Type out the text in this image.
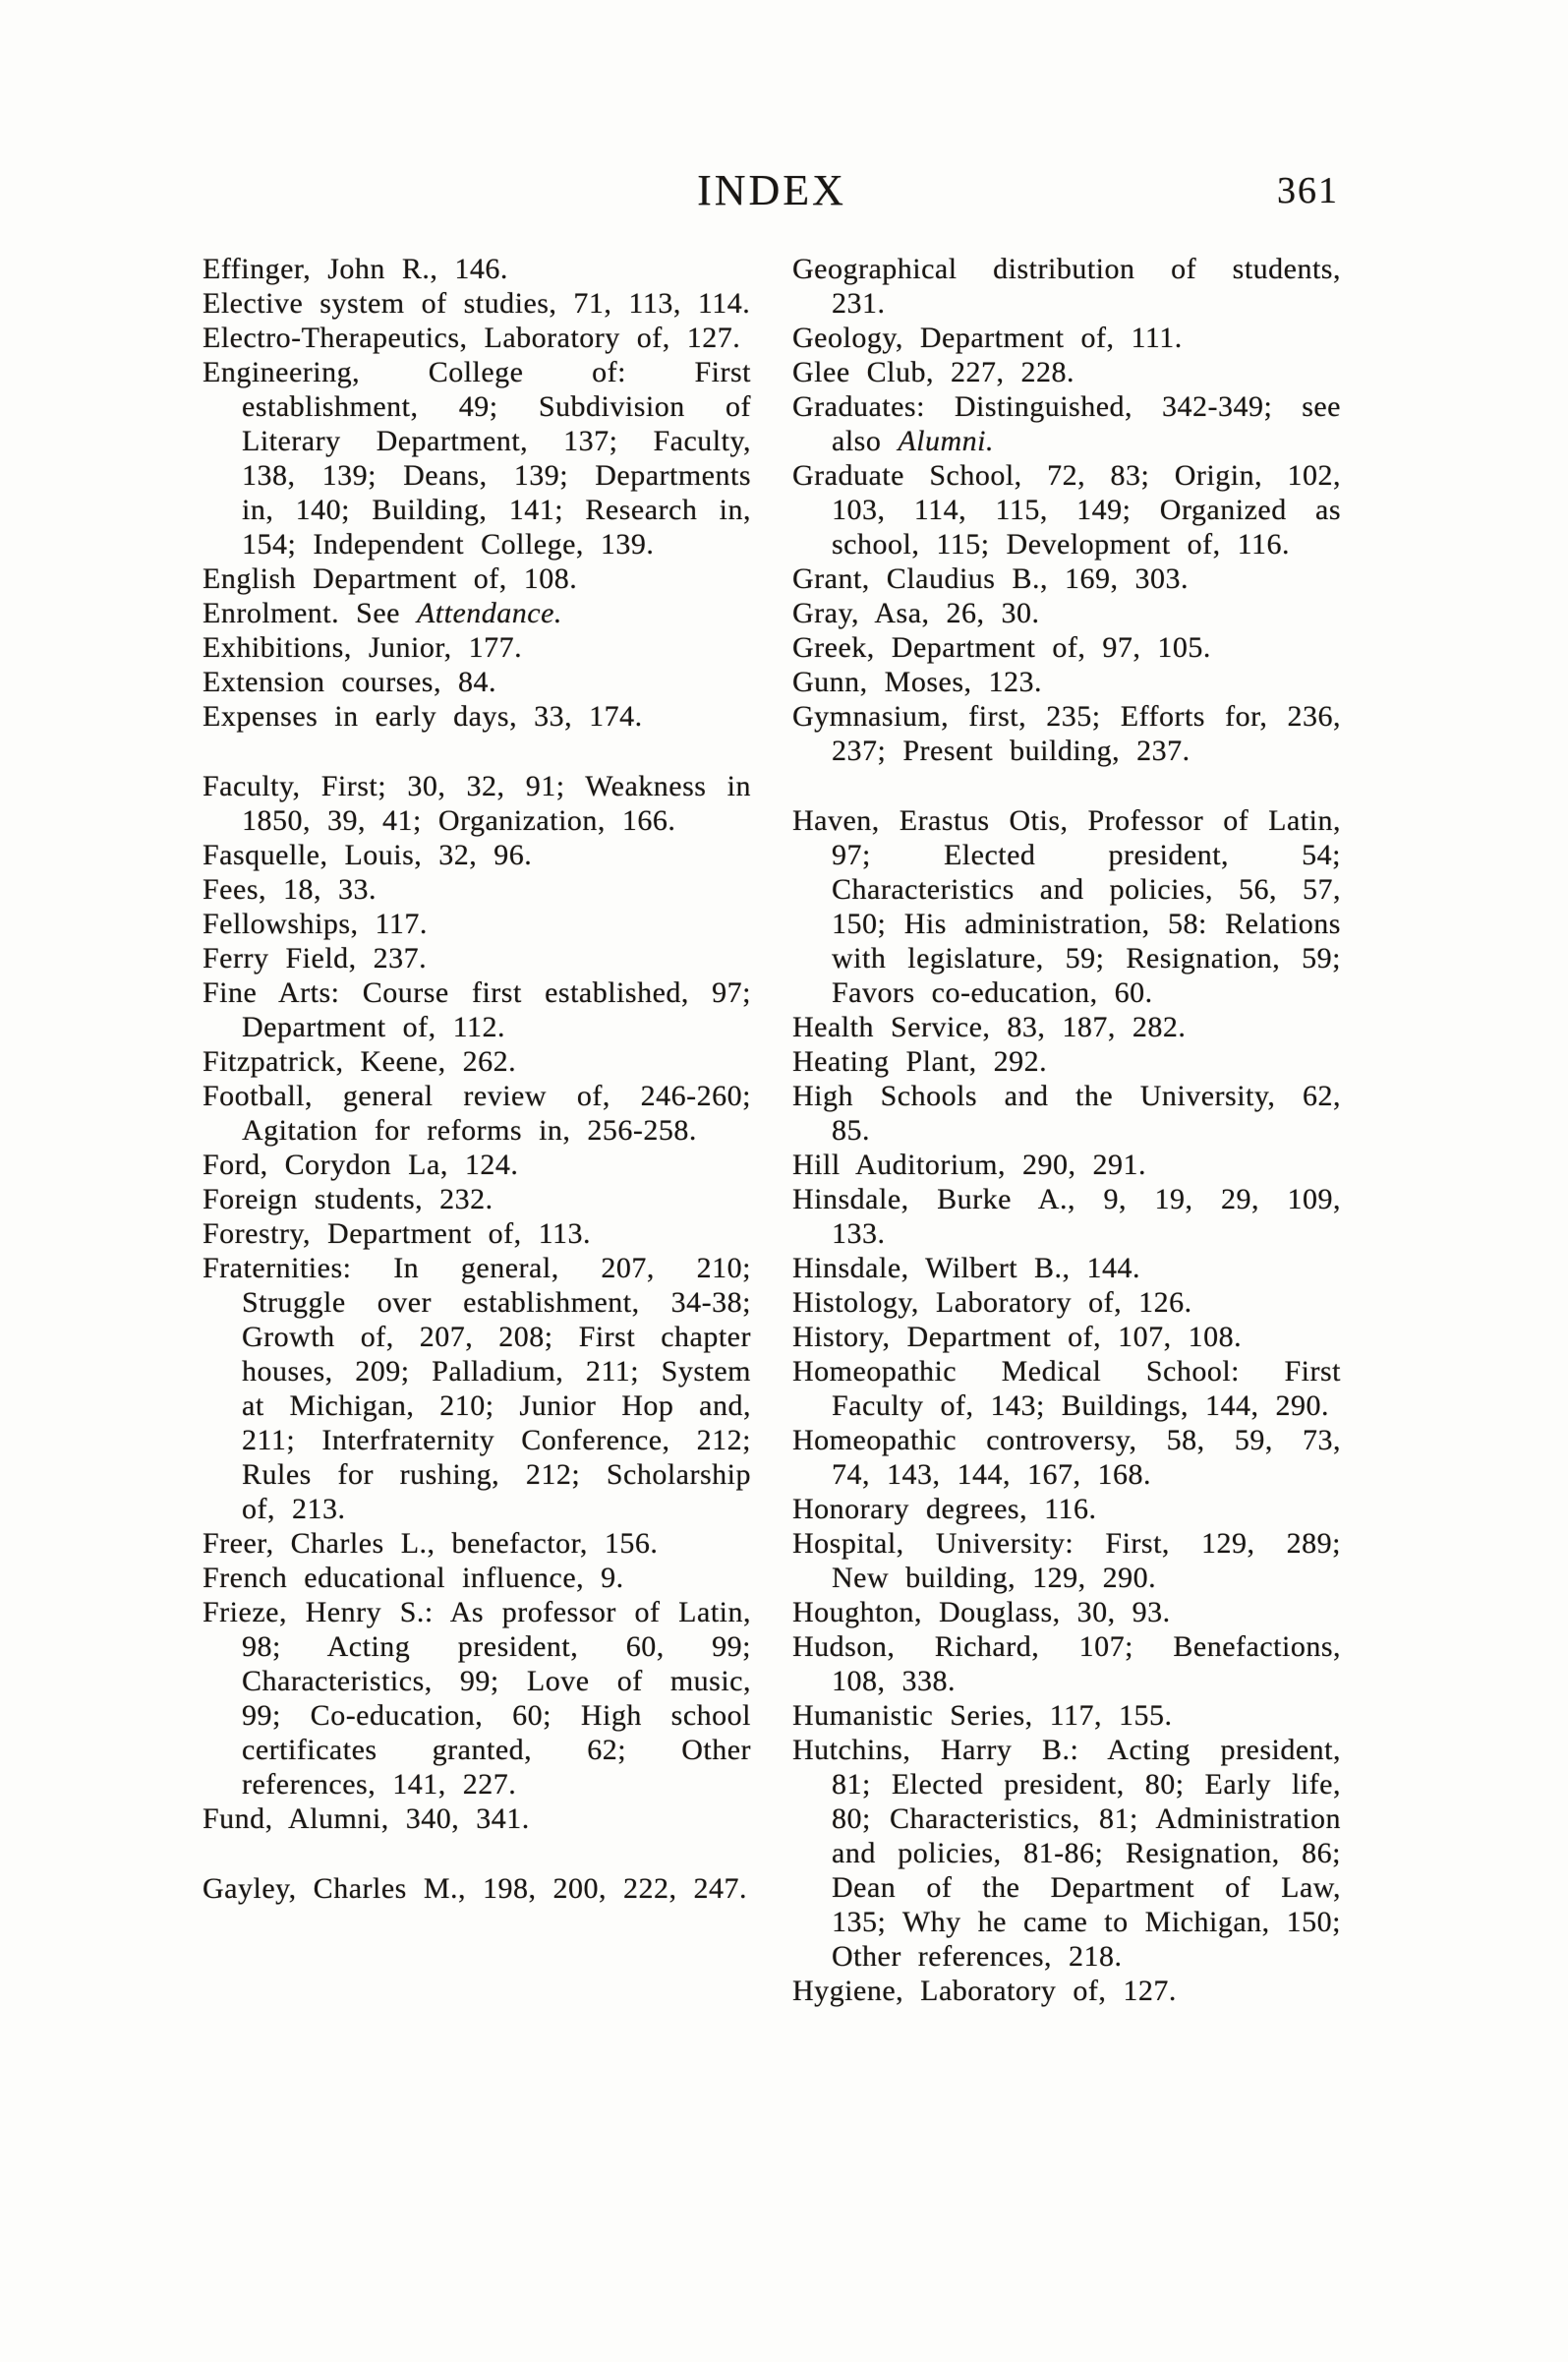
INDEX	361
Effinger, John R., 146.
Elective system of studies, 71, 113, 114.
Electro-Therapeutics, Laboratory of, 127.
Engineering, College of: First establishment, 49; Subdivision of Literary Department, 137; Faculty, 138, 139; Deans, 139; Departments in, 140; Building, 141; Research in, 154; Independent College, 139.
English Department of, 108.
Enrolment. See Attendance.
Exhibitions, Junior, 177.
Extension courses, 84.
Expenses in early days, 33, 174.
Faculty, First; 30, 32, 91; Weakness in 1850, 39, 41; Organization, 166.
Fasquelle, Louis, 32, 96.
Fees, 18, 33.
Fellowships, 117.
Ferry Field, 237.
Fine Arts: Course first established, 97; Department of, 112.
Fitzpatrick, Keene, 262.
Football, general review of, 246-260; Agitation for reforms in, 256-258.
Ford, Corydon La, 124.
Foreign students, 232.
Forestry, Department of, 113.
Fraternities: In general, 207, 210; Struggle over establishment, 34-38; Growth of, 207, 208; First chapter houses, 209; Palladium, 211; System at Michigan, 210; Junior Hop and, 211; Interfraternity Conference, 212; Rules for rushing, 212; Scholarship of, 213.
Freer, Charles L., benefactor, 156.
French educational influence, 9.
Frieze, Henry S.: As professor of Latin, 98; Acting president, 60, 99; Characteristics, 99; Love of music, 99; Co-education, 60; High school certificates granted, 62; Other references, 141, 227.
Fund, Alumni, 340, 341.
Gayley, Charles M., 198, 200, 222, 247.
Geographical distribution of students, 231.
Geology, Department of, 111.
Glee Club, 227, 228.
Graduates: Distinguished, 342-349; see also Alumni.
Graduate School, 72, 83; Origin, 102, 103, 114, 115, 149; Organized as school, 115; Development of, 116.
Grant, Claudius B., 169, 303.
Gray, Asa, 26, 30.
Greek, Department of, 97, 105.
Gunn, Moses, 123.
Gymnasium, first, 235; Efforts for, 236, 237; Present building, 237.
Haven, Erastus Otis, Professor of Latin, 97; Elected president, 54; Characteristics and policies, 56, 57, 150; His administration, 58: Relations with legislature, 59; Resignation, 59; Favors co-education, 60.
Health Service, 83, 187, 282.
Heating Plant, 292.
High Schools and the University, 62, 85.
Hill Auditorium, 290, 291.
Hinsdale, Burke A., 9, 19, 29, 109, 133.
Hinsdale, Wilbert B., 144.
Histology, Laboratory of, 126.
History, Department of, 107, 108.
Homeopathic Medical School: First Faculty of, 143; Buildings, 144, 290.
Homeopathic controversy, 58, 59, 73, 74, 143, 144, 167, 168.
Honorary degrees, 116.
Hospital, University: First, 129, 289; New building, 129, 290.
Houghton, Douglass, 30, 93.
Hudson, Richard, 107; Benefactions, 108, 338.
Humanistic Series, 117, 155.
Hutchins, Harry B.: Acting president, 81; Elected president, 80; Early life, 80; Characteristics, 81; Administration and policies, 81-86; Resignation, 86; Dean of the Department of Law, 135; Why he came to Michigan, 150; Other references, 218.
Hygiene, Laboratory of, 127.
